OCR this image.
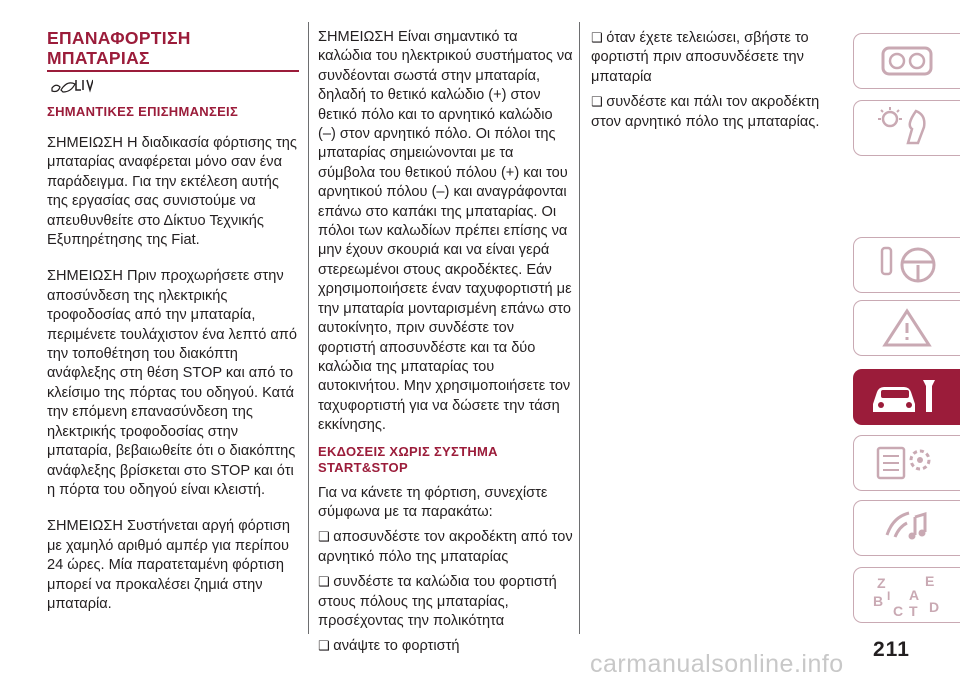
ΕΠΑΝΑΦΟΡΤΙΣΗ
ΜΠΑΤΑΡΙΑΣ
ΣΗΜΑΝΤΙΚΕΣ ΕΠΙΣΗΜΑΝΣΕΙΣ

ΣΗΜΕΙΩΣΗ Η διαδικασία φόρτισης της μπαταρίας αναφέρεται μόνο σαν ένα παράδειγμα. Για την εκτέλεση αυτής της εργασίας σας συνιστούμε να απευθυνθείτε στο Δίκτυο Τεχνικής Εξυπηρέτησης της Fiat.

ΣΗΜΕΙΩΣΗ Πριν προχωρήσετε στην αποσύνδεση της ηλεκτρικής τροφοδοσίας από την μπαταρία, περιμένετε τουλάχιστον ένα λεπτό από την τοποθέτηση του διακόπτη ανάφλεξης στη θέση STOP και από το κλείσιμο της πόρτας του οδηγού. Κατά την επόμενη επανασύνδεση της ηλεκτρικής τροφοδοσίας στην μπαταρία, βεβαιωθείτε ότι ο διακόπτης ανάφλεξης βρίσκεται στο STOP και ότι η πόρτα του οδηγού είναι κλειστή.

ΣΗΜΕΙΩΣΗ Συστήνεται αργή φόρτιση με χαμηλό αριθμό αμπέρ για περίπου 24 ώρες. Μία παρατεταμένη φόρτιση μπορεί να προκαλέσει ζημιά στην μπαταρία.

ΣΗΜΕΙΩΣΗ Είναι σημαντικό τα καλώδια του ηλεκτρικού συστήματος να συνδέονται σωστά στην μπαταρία, δηλαδή το θετικό καλώδιο (+) στον θετικό πόλο και το αρνητικό καλώδιο (–) στον αρνητικό πόλο. Οι πόλοι της μπαταρίας σημειώνονται με τα σύμβολα του θετικού πόλου (+) και του αρνητικού πόλου (–) και αναγράφονται επάνω στο καπάκι της μπαταρίας. Οι πόλοι των καλωδίων πρέπει επίσης να μην έχουν σκουριά και να είναι γερά στερεωμένοι στους ακροδέκτες. Εάν χρησιμοποιήσετε έναν ταχυφορτιστή με την μπαταρία μονταρισμένη επάνω στο αυτοκίνητο, πριν συνδέστε τον φορτιστή αποσυνδέστε και τα δύο καλώδια της μπαταρίας του αυτοκινήτου. Μην χρησιμοποιήσετε τον ταχυφορτιστή για να δώσετε την τάση εκκίνησης.

ΕΚΔΟΣΕΙΣ ΧΩΡΙΣ ΣΥΣΤΗΜΑ
START&STOP

Για να κάνετε τη φόρτιση, συνεχίστε σύμφωνα με τα παρακάτω:

❑ αποσυνδέστε τον ακροδέκτη από τον αρνητικό πόλο της μπαταρίας

❑ συνδέστε τα καλώδια του φορτιστή στους πόλους της μπαταρίας, προσέχοντας την πολικότητα

❑ ανάψτε το φορτιστή

❑ όταν έχετε τελειώσει, σβήστε το φορτιστή πριν αποσυνδέσετε την μπαταρία

❑ συνδέστε και πάλι τον ακροδέκτη στον αρνητικό πόλο της μπαταρίας.

Z	E
B
C T D
A
I
211
carmanualsonline.info
